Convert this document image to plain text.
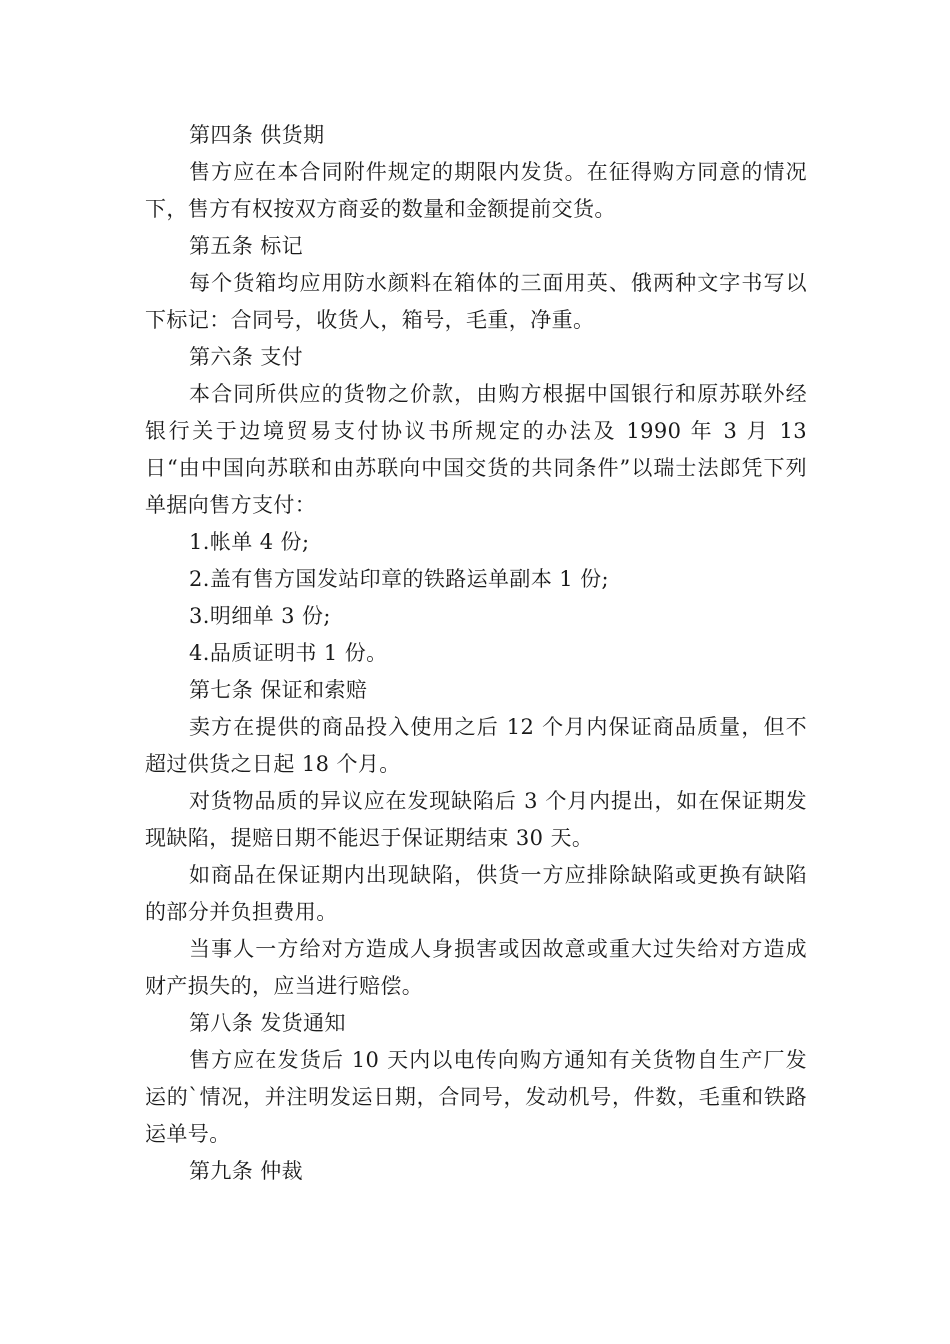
第四条 供货期

售方应在本合同附件规定的期限内发货。在征得购方同意的情况下，售方有权按双方商妥的数量和金额提前交货。

第五条 标记

每个货箱均应用防水颜料在箱体的三面用英、俄两种文字书写以下标记：合同号，收货人，箱号，毛重，净重。

第六条 支付

本合同所供应的货物之价款，由购方根据中国银行和原苏联外经银行关于边境贸易支付协议书所规定的办法及 1990 年 3 月 13 日“由中国向苏联和由苏联向中国交货的共同条件”以瑞士法郎凭下列单据向售方支付：

1.帐单 4 份;

2.盖有售方国发站印章的铁路运单副本 1 份;

3.明细单 3 份;

4.品质证明书 1 份。

第七条 保证和索赔

卖方在提供的商品投入使用之后 12 个月内保证商品质量，但不超过供货之日起 18 个月。

对货物品质的异议应在发现缺陷后 3 个月内提出，如在保证期发现缺陷，提赔日期不能迟于保证期结束 30 天。

如商品在保证期内出现缺陷，供货一方应排除缺陷或更换有缺陷的部分并负担费用。

当事人一方给对方造成人身损害或因故意或重大过失给对方造成财产损失的，应当进行赔偿。

第八条 发货通知

售方应在发货后 10 天内以电传向购方通知有关货物自生产厂发运的`情况，并注明发运日期，合同号，发动机号，件数，毛重和铁路运单号。

第九条 仲裁
